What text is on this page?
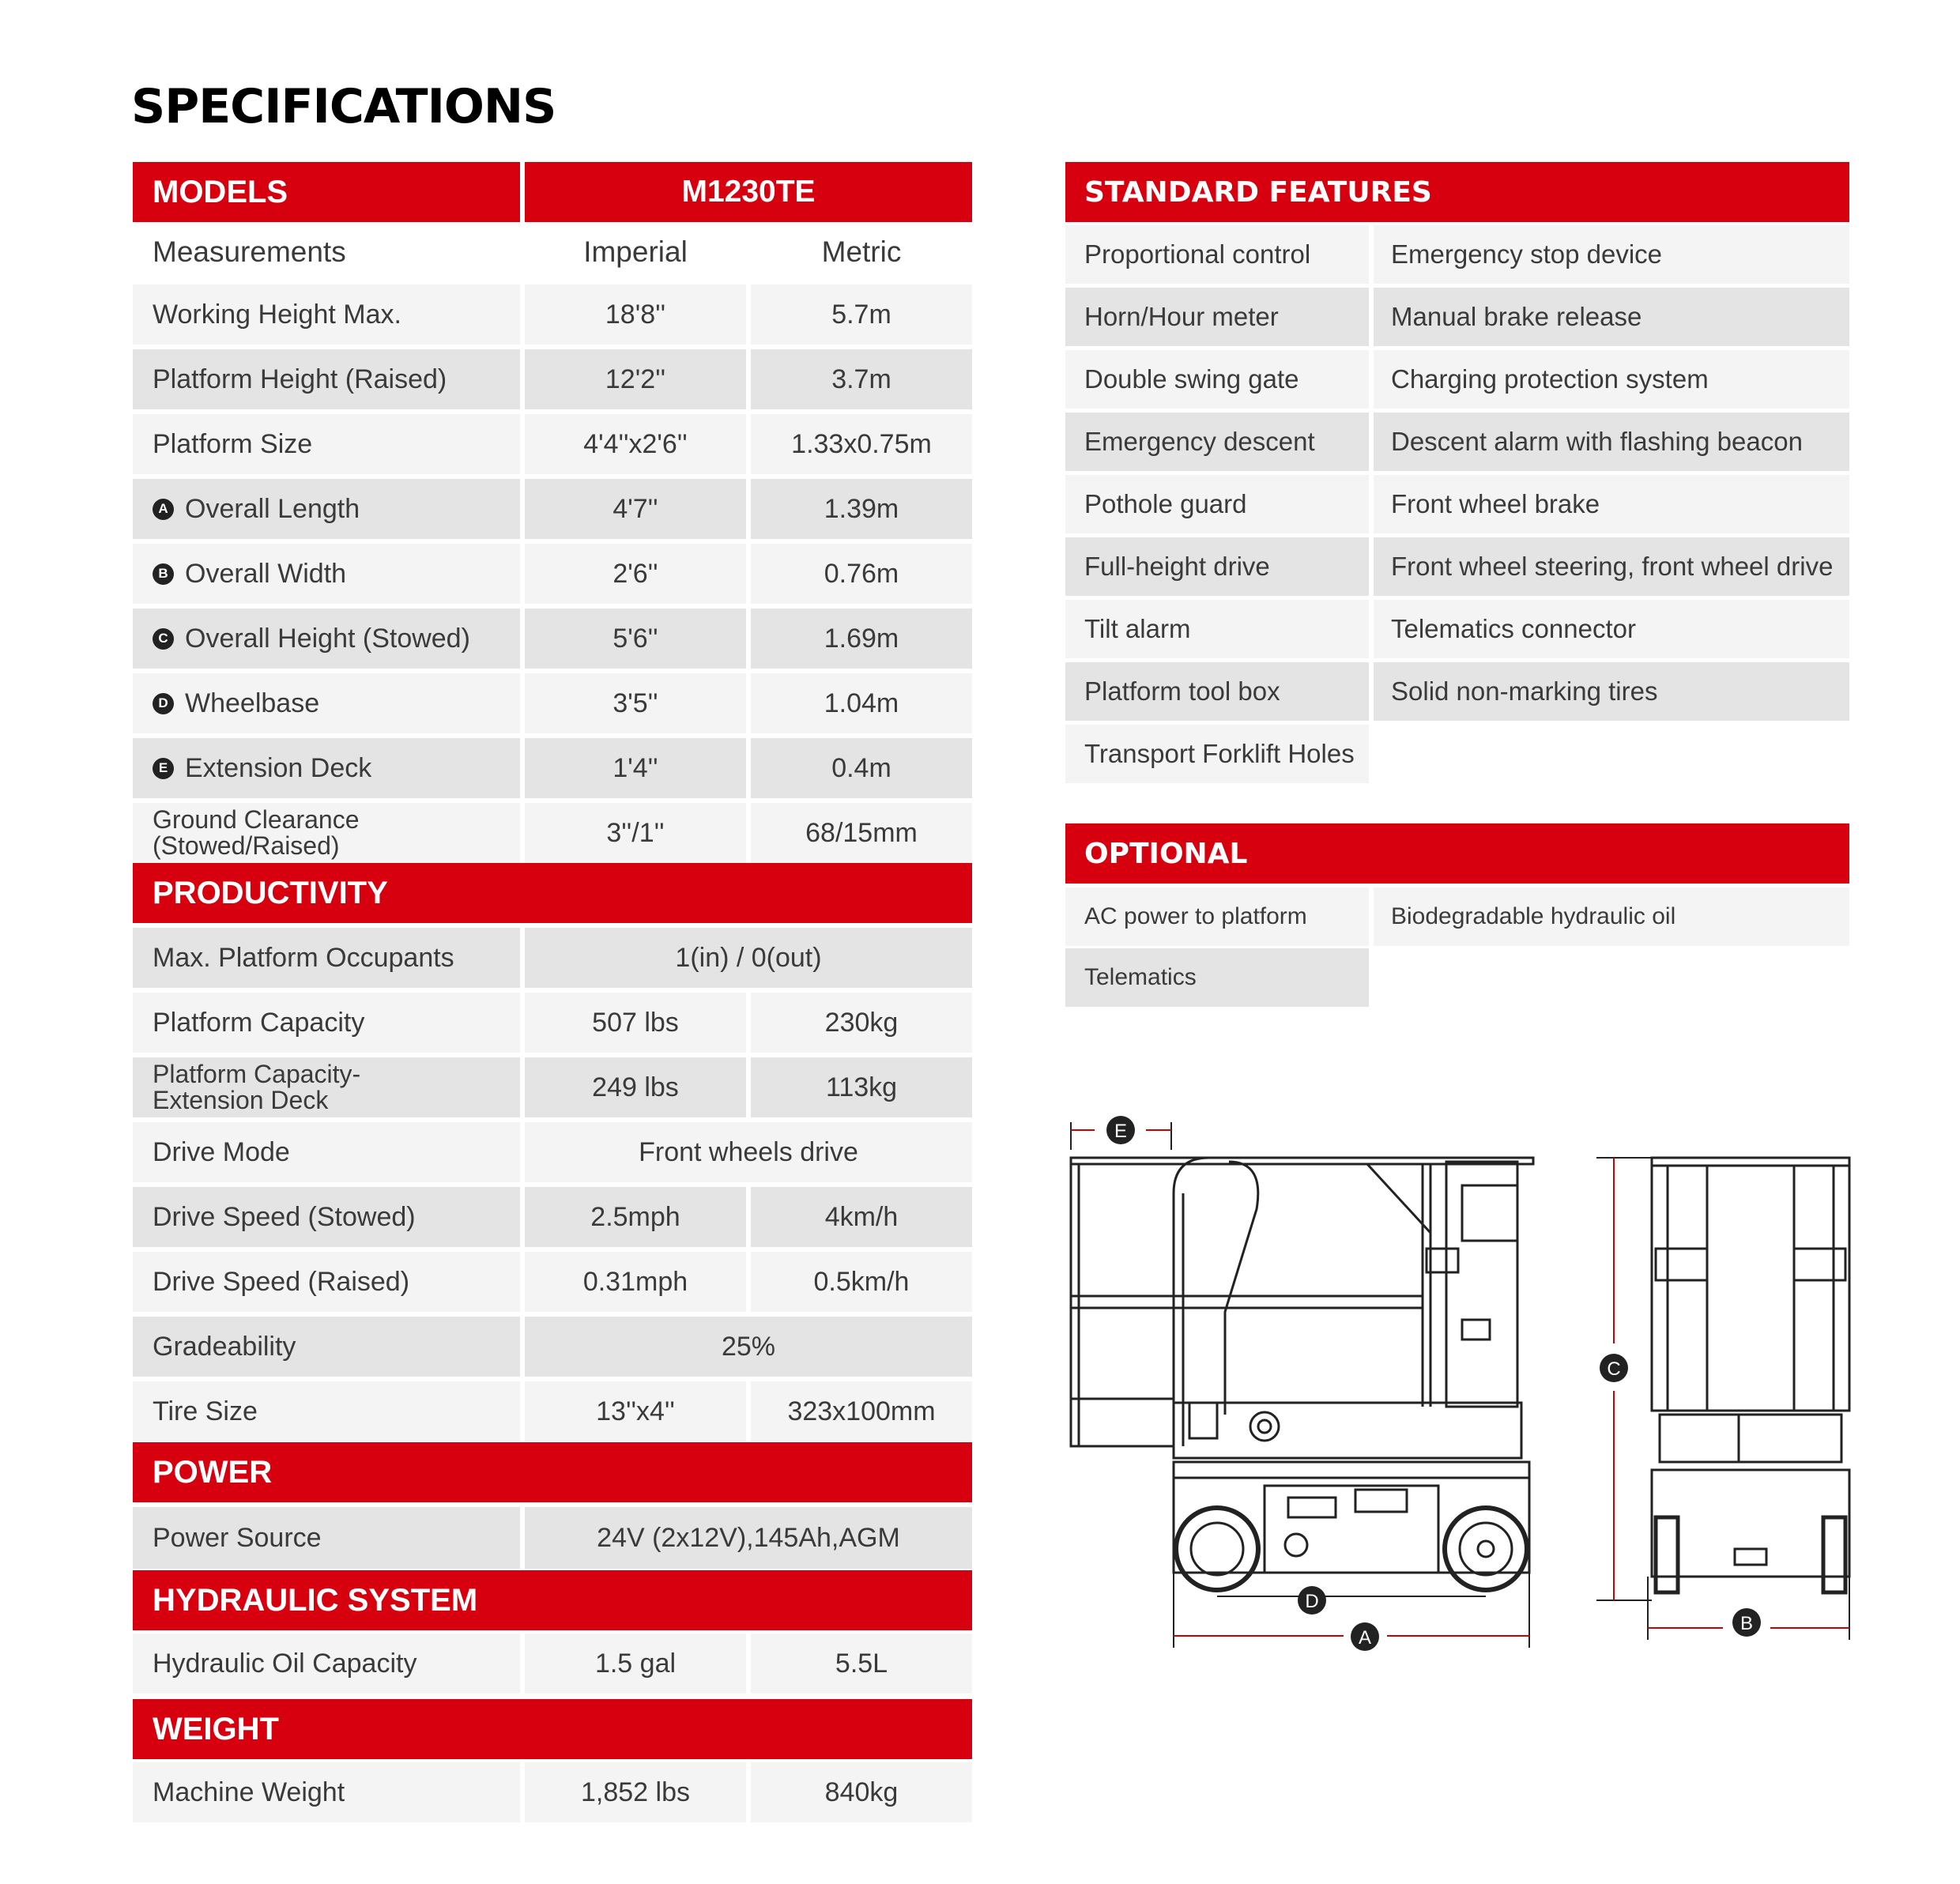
SPECIFICATIONS
MODELS	M1230TE
Measurements	Imperial	Metric
Working Height Max.	18'8''	5.7m
Platform Height (Raised)	12'2''	3.7m
Platform Size	4'4''x2'6''	1.33x0.75m
A Overall Length	4'7''	1.39m
B Overall Width	2'6''	0.76m
C Overall Height (Stowed)	5'6''	1.69m
D Wheelbase	3'5''	1.04m
E Extension Deck	1'4''	0.4m
Ground Clearance
(Stowed/Raised)	3''/1''	68/15mm
PRODUCTIVITY
Max. Platform Occupants	1(in) / 0(out)
Platform Capacity	507 lbs	230kg
Platform Capacity-
Extension Deck	249 lbs	113kg
Drive Mode	Front wheels drive
Drive Speed (Stowed)	2.5mph	4km/h
Drive Speed (Raised)	0.31mph	0.5km/h
Gradeability	25%
Tire Size	13''x4''	323x100mm
POWER
Power Source	24V (2x12V),145Ah,AGM
HYDRAULIC SYSTEM
Hydraulic Oil Capacity	1.5 gal	5.5L
WEIGHT
Machine Weight	1,852 lbs	840kg
STANDARD FEATURES
Proportional control	Emergency stop device
Horn/Hour meter	Manual brake release
Double swing gate	Charging protection system
Emergency descent	Descent alarm with flashing beacon
Pothole guard	Front wheel brake
Full-height drive	Front wheel steering, front wheel drive
Tilt alarm	Telematics connector
Platform tool box	Solid non-marking tires
Transport Forklift Holes
OPTIONAL
AC power to platform	Biodegradable hydraulic oil
Telematics
E
D
A
C
B
